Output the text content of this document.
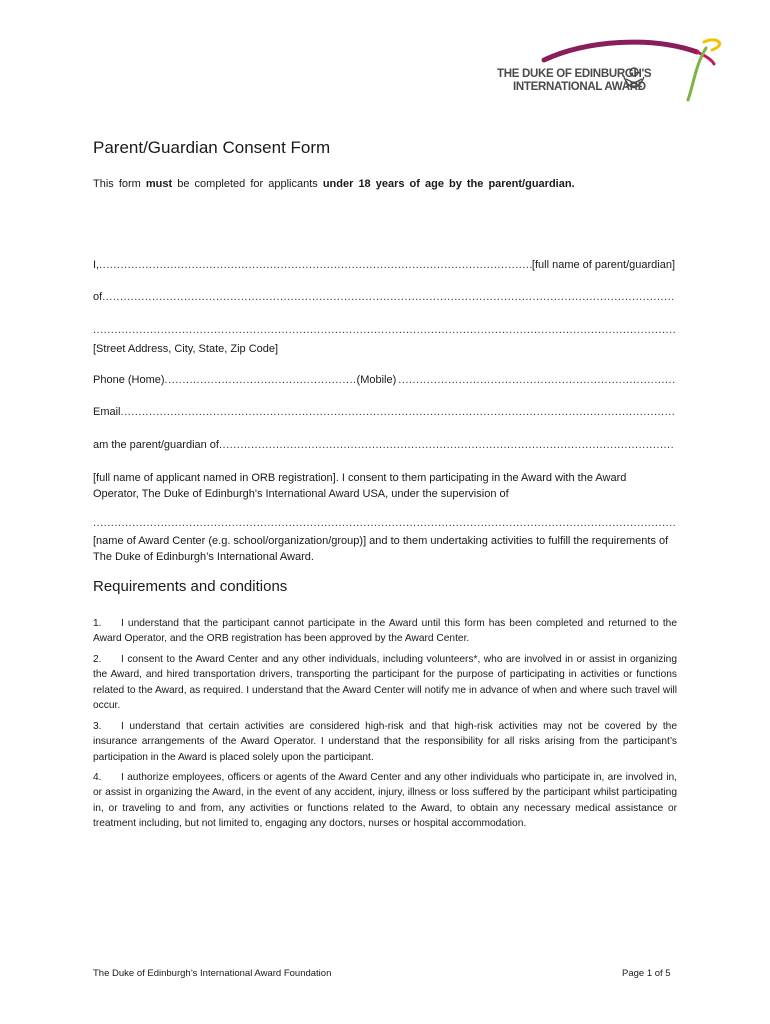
THE DUKE OF EDINBURGH'S
INTERNATIONAL AWARD
Parent/Guardian Consent Form
This form must be completed for applicants under 18 years of age by the parent/guardian.
I, .....	[full name of parent/guardian]
of
.....
.....
[Street Address, City, State, Zip Code]
Phone (Home) .....	(Mobile)
.....
Email
.....
am the parent/guardian of
.....
[full name of applicant named in ORB registration]. I consent to them participating in the Award with the Award Operator, The Duke of Edinburgh's International Award USA, under the supervision of
.....
[name of Award Center (e.g. school/organization/group)] and to them undertaking activities to fulfill the requirements of The Duke of Edinburgh’s International Award.
Requirements and conditions
1. I understand that the participant cannot participate in the Award until this form has been completed and returned to the Award Operator, and the ORB registration has been approved by the Award Center.
2. I consent to the Award Center and any other individuals, including volunteers*, who are involved in or assist in organizing the Award, and hired transportation drivers, transporting the participant for the purpose of participating in activities or functions related to the Award, as required. I understand that the Award Center will notify me in advance of when and where such travel will occur.
3. I understand that certain activities are considered high-risk and that high-risk activities may not be covered by the insurance arrangements of the Award Operator. I understand that the responsibility for all risks arising from the participant’s participation in the Award is placed solely upon the participant.
4. I authorize employees, officers or agents of the Award Center and any other individuals who participate in, are involved in, or assist in organizing the Award, in the event of any accident, injury, illness or loss suffered by the participant whilst participating in, or traveling to and from, any activities or functions related to the Award, to obtain any necessary medical assistance or treatment including, but not limited to, engaging any doctors, nurses or hospital accommodation.
The Duke of Edinburgh’s International Award Foundation	Page 1 of 5
